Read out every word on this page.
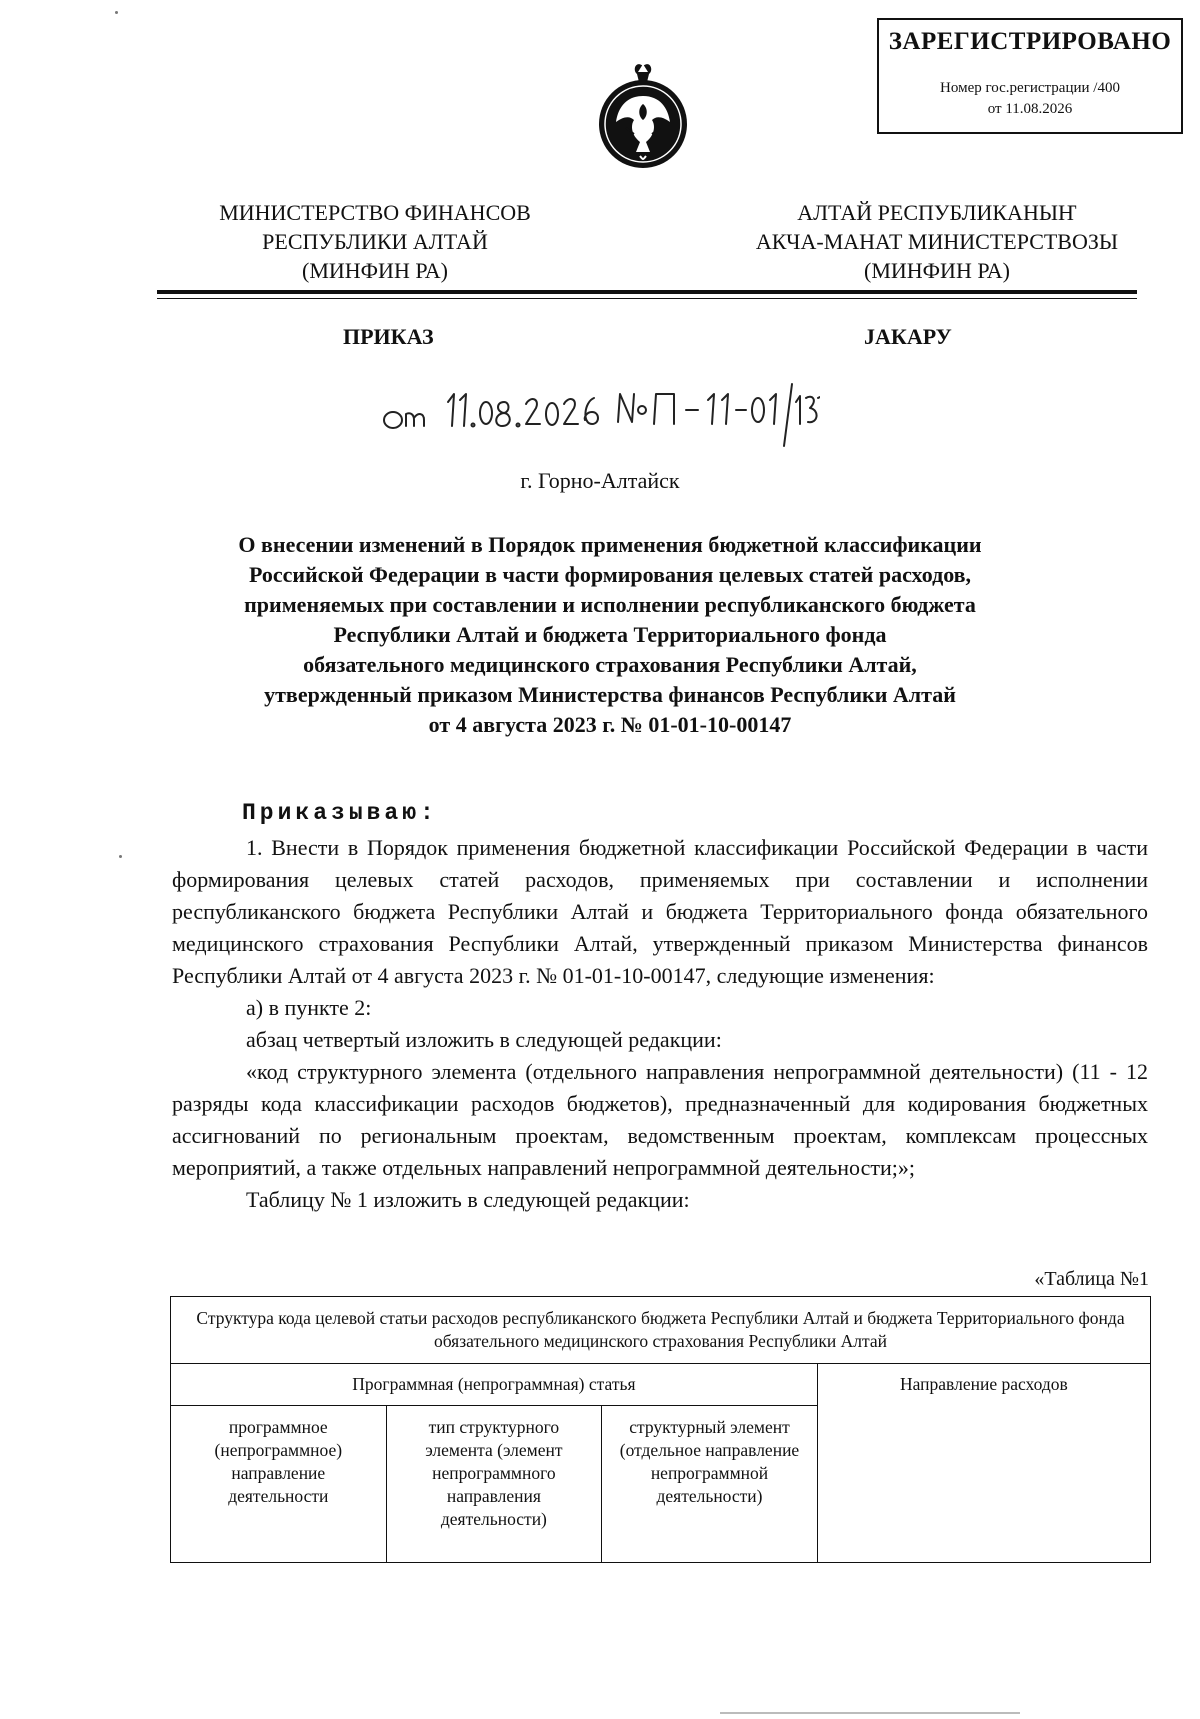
ЗАРЕГИСТРИРОВАНО
Номер гос.регистрации /400
от 11.08.2026
МИНИСТЕРСТВО ФИНАНСОВ
РЕСПУБЛИКИ АЛТАЙ
(МИНФИН РА)
АЛТАЙ РЕСПУБЛИКАНЫҤ
АКЧА-МАНАТ МИНИСТЕРСТВОЗЫ
(МИНФИН РА)
ПРИКАЗ	JАКАРУ
г. Горно-Алтайск
О внесении изменений в Порядок применения бюджетной классификации
Российской Федерации в части формирования целевых статей расходов,
применяемых при составлении и исполнении республиканского бюджета
Республики Алтай и бюджета Территориального фонда
обязательного медицинского страхования Республики Алтай,
утвержденный приказом Министерства финансов Республики Алтай
от 4 августа 2023 г. № 01-01-10-00147
Приказываю:

1. Внести в Порядок применения бюджетной классификации Российской Федерации в части формирования целевых статей расходов, применяемых при составлении и исполнении республиканского бюджета Республики Алтай и бюджета Территориального фонда обязательного медицинского страхования Республики Алтай, утвержденный приказом Министерства финансов Республики Алтай от 4 августа 2023 г. № 01-01-10-00147, следующие изменения:

а) в пункте 2:

абзац четвертый изложить в следующей редакции:

«код структурного элемента (отдельного направления непрограммной деятельности) (11 - 12 разряды кода классификации расходов бюджетов), предназначенный для кодирования бюджетных ассигнований по региональным проектам, ведомственным проектам, комплексам процессных мероприятий, а также отдельных направлений непрограммной деятельности;»;

Таблицу № 1 изложить в следующей редакции:

«Таблица №1
Структура кода целевой статьи расходов республиканского бюджета Республики Алтай и бюджета Территориального фонда обязательного медицинского страхования Республики Алтай			
Программная (непрограммная) статья			Направление расходов
программное (непрограммное) направление деятельности	тип структурного элемента (элемент непрограммного направления деятельности)	структурный элемент (отдельное направление непрограммной деятельности)	
